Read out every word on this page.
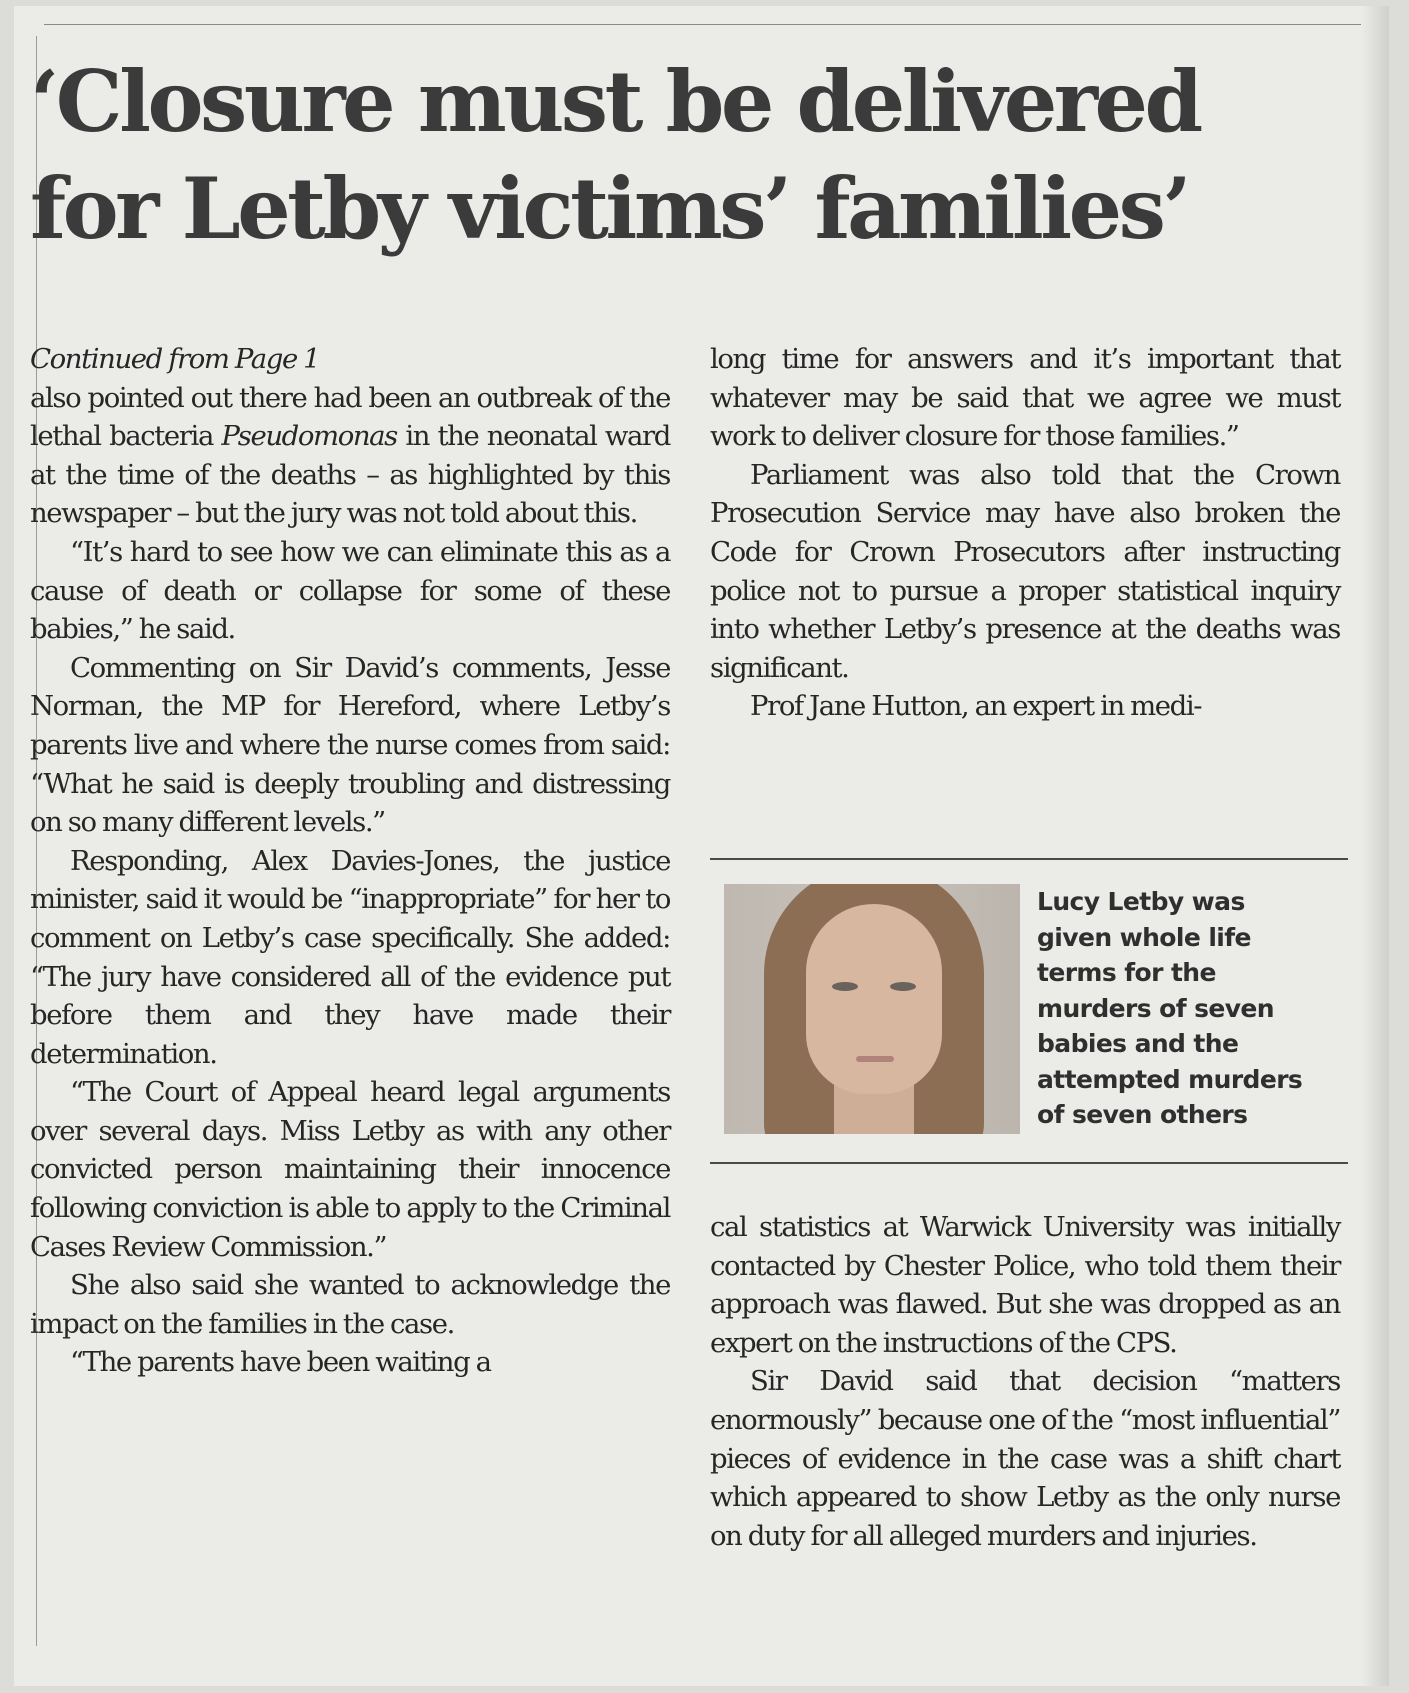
‘Closure must be delivered
for Letby victims’ families’
Continued from Page 1

also pointed out there had been an outbreak of the lethal bacteria Pseudomonas in the neonatal ward at the time of the deaths – as highlighted by this newspaper – but the jury was not told about this.

“It’s hard to see how we can eliminate this as a cause of death or collapse for some of these babies,” he said.

Commenting on Sir David’s comments, Jesse Norman, the MP for Hereford, where Letby’s parents live and where the nurse comes from said: “What he said is deeply troubling and distressing on so many different levels.”

Responding, Alex Davies-Jones, the justice minister, said it would be “inappropriate” for her to comment on Letby’s case specifically. She added: “The jury have considered all of the evidence put before them and they have made their determination.

“The Court of Appeal heard legal arguments over several days. Miss Letby as with any other convicted person maintaining their innocence following conviction is able to apply to the Criminal Cases Review Commission.”

She also said she wanted to acknowledge the impact on the families in the case.

“The parents have been waiting a

long time for answers and it’s important that whatever may be said that we agree we must work to deliver closure for those families.”

Parliament was also told that the Crown Prosecution Service may have also broken the Code for Crown Prosecutors after instructing police not to pursue a proper statistical inquiry into whether Letby’s presence at the deaths was significant.

Prof Jane Hutton, an expert in medi-

Lucy Letby was
given whole life
terms for the
murders of seven
babies and the
attempted murders
of seven others

cal statistics at Warwick University was initially contacted by Chester Police, who told them their approach was flawed. But she was dropped as an expert on the instructions of the CPS.

Sir David said that decision “matters enormously” because one of the “most influential” pieces of evidence in the case was a shift chart which appeared to show Letby as the only nurse on duty for all alleged murders and injuries.
